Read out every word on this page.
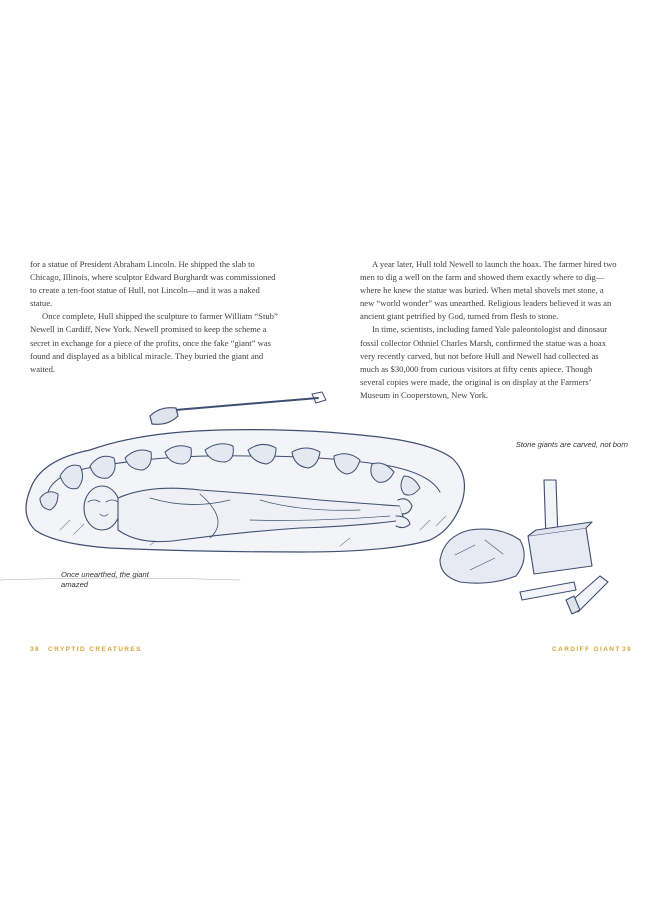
for a statue of President Abraham Lincoln. He shipped the slab to Chicago, Illinois, where sculptor Edward Burghardt was commissioned to create a ten-foot statue of Hull, not Lincoln—and it was a naked statue.

Once complete, Hull shipped the sculpture to farmer William “Stub” Newell in Cardiff, New York. Newell promised to keep the scheme a secret in exchange for a piece of the profits, once the fake “giant” was found and displayed as a biblical miracle. They buried the giant and waited.

A year later, Hull told Newell to launch the hoax. The farmer hired two men to dig a well on the farm and showed them exactly where to dig—where he knew the statue was buried. When metal shovels met stone, a new “world wonder” was unearthed. Religious leaders believed it was an ancient giant petrified by God, turned from flesh to stone.

In time, scientists, including famed Yale paleontologist and dinosaur fossil collector Othniel Charles Marsh, confirmed the statue was a hoax very recently carved, but not before Hull and Newell had collected as much as $30,000 from curious visitors at fifty cents apiece. Though several copies were made, the original is on display at the Farmers’ Museum in Cooperstown, New York.

Once unearthed, the giant amazed
Stone giants are carved, not born
38 CRYPTID CREATURES	CARDIFF GIANT 39
